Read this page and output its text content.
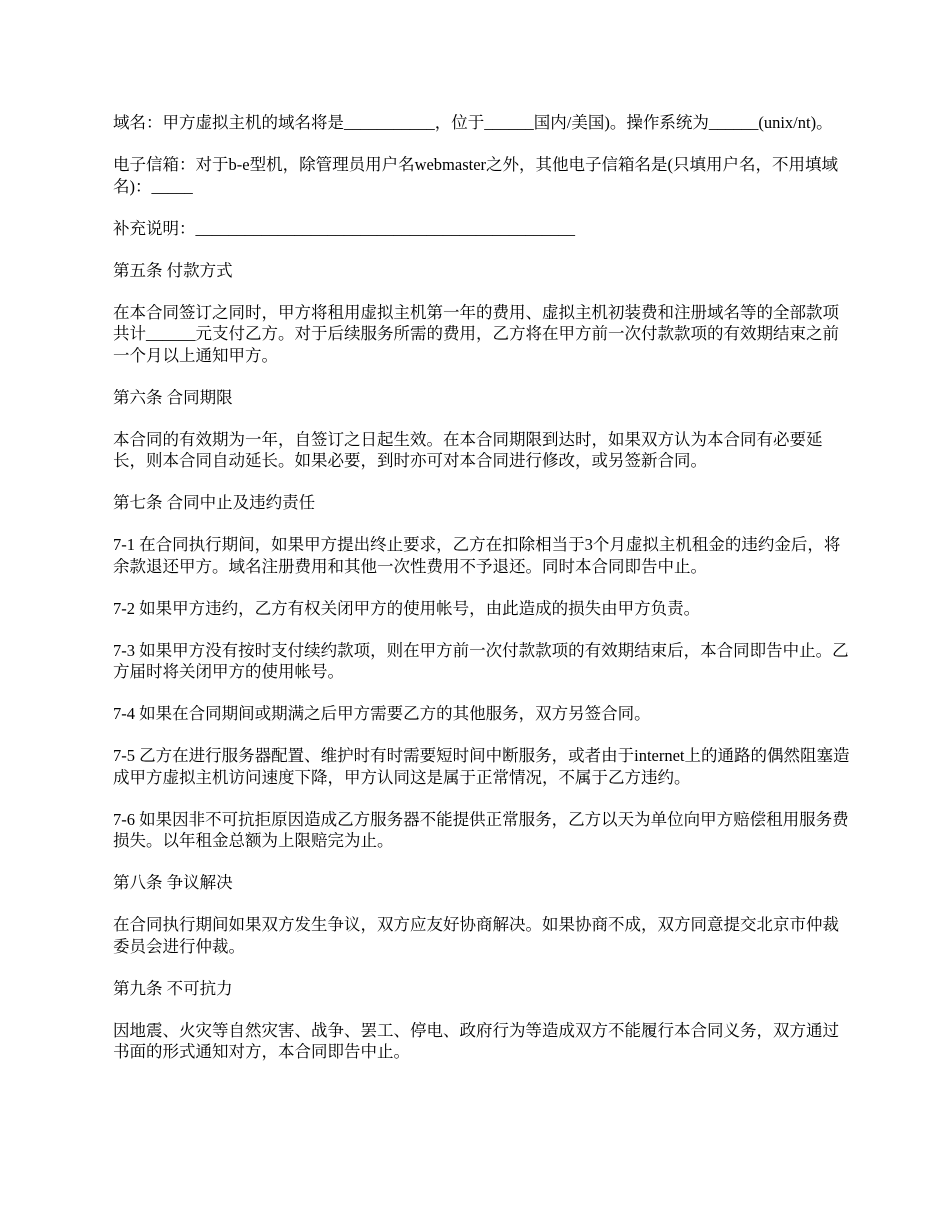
域名：甲方虚拟主机的域名将是___________，位于______国内/美国)。操作系统为______(unix/nt)。

电子信箱：对于b-e型机，除管理员用户名webmaster之外，其他电子信箱名是(只填用户名，不用填域名)：_____

补充说明：______________________________________________

第五条 付款方式

在本合同签订之同时，甲方将租用虚拟主机第一年的费用、虚拟主机初装费和注册域名等的全部款项共计______元支付乙方。对于后续服务所需的费用，乙方将在甲方前一次付款款项的有效期结束之前一个月以上通知甲方。

第六条 合同期限

本合同的有效期为一年，自签订之日起生效。在本合同期限到达时，如果双方认为本合同有必要延长，则本合同自动延长。如果必要，到时亦可对本合同进行修改，或另签新合同。

第七条 合同中止及违约责任

7-1 在合同执行期间，如果甲方提出终止要求，乙方在扣除相当于3个月虚拟主机租金的违约金后，将余款退还甲方。域名注册费用和其他一次性费用不予退还。同时本合同即告中止。

7-2 如果甲方违约，乙方有权关闭甲方的使用帐号，由此造成的损失由甲方负责。

7-3 如果甲方没有按时支付续约款项，则在甲方前一次付款款项的有效期结束后，本合同即告中止。乙方届时将关闭甲方的使用帐号。

7-4 如果在合同期间或期满之后甲方需要乙方的其他服务，双方另签合同。

7-5 乙方在进行服务器配置、维护时有时需要短时间中断服务，或者由于internet上的通路的偶然阻塞造成甲方虚拟主机访问速度下降，甲方认同这是属于正常情况，不属于乙方违约。

7-6 如果因非不可抗拒原因造成乙方服务器不能提供正常服务，乙方以天为单位向甲方赔偿租用服务费损失。以年租金总额为上限赔完为止。

第八条 争议解决

在合同执行期间如果双方发生争议，双方应友好协商解决。如果协商不成，双方同意提交北京市仲裁委员会进行仲裁。

第九条 不可抗力

因地震、火灾等自然灾害、战争、罢工、停电、政府行为等造成双方不能履行本合同义务，双方通过书面的形式通知对方，本合同即告中止。
